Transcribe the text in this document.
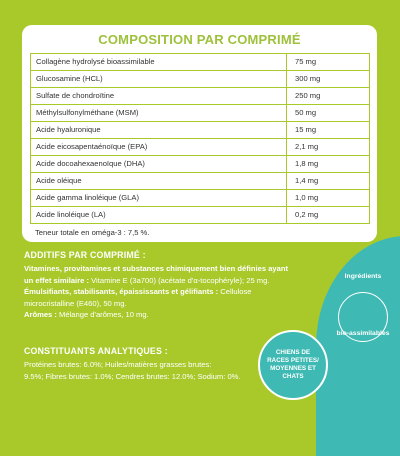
Ingrédients
bio-assimilables
COMPOSITION PAR COMPRIMÉ
Collagène hydrolysé bioassimilable	75 mg
Glucosamine (HCL)	300 mg
Sulfate de chondroïtine	250 mg
Méthylsulfonylméthane (MSM)	50 mg
Acide hyaluronique	15 mg
Acide eicosapentaénoïque (EPA)	2,1 mg
Acide docoahexaenoïque (DHA)	1,8 mg
Acide oléique	1,4 mg
Acide gamma linoléique (GLA)	1,0 mg
Acide linoléique (LA)	0,2 mg
Teneur totale en oméga-3 : 7,5 %.
ADDITIFS PAR COMPRIMÉ :

Vitamines, provitamines et substances chimiquement bien définies ayant

un effet similaire : Vitamine E (3a700) (acétate d'α-tocophéryle); 25 mg.

Émulsifiants, stabilisants, épaississants et gélifiants : Cellulose

microcristalline (E460), 50 mg.

Arômes : Mélange d'arômes, 10 mg.

CONSTITUANTS ANALYTIQUES :

Protéines brutes: 6.0%; Huiles/matières grasses brutes:

9.5%; Fibres brutes: 1.0%; Cendres brutes: 12.0%; Sodium: 0%.

CHIENS DE
RACES PETITES/
MOYENNES ET
CHATS
